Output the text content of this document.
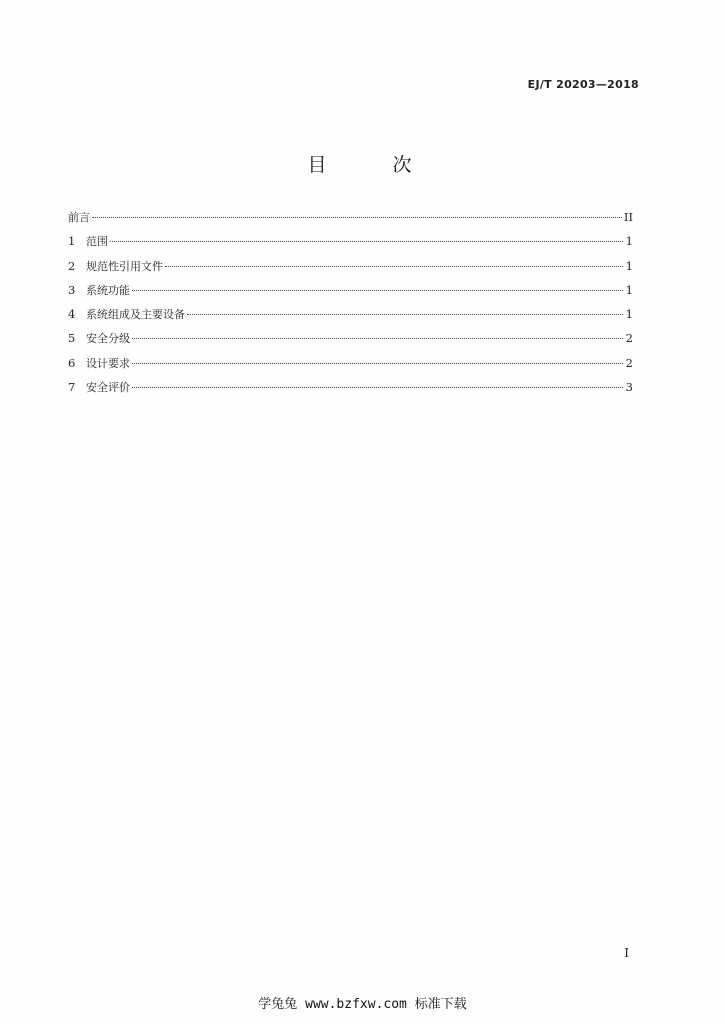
EJ/T 20203—2018
目 次
前言	II
1 范围	1
2 规范性引用文件	1
3 系统功能	1
4 系统组成及主要设备	1
5 安全分级	2
6 设计要求	2
7 安全评价	3
I
学兔兔 www.bzfxw.com 标准下载
